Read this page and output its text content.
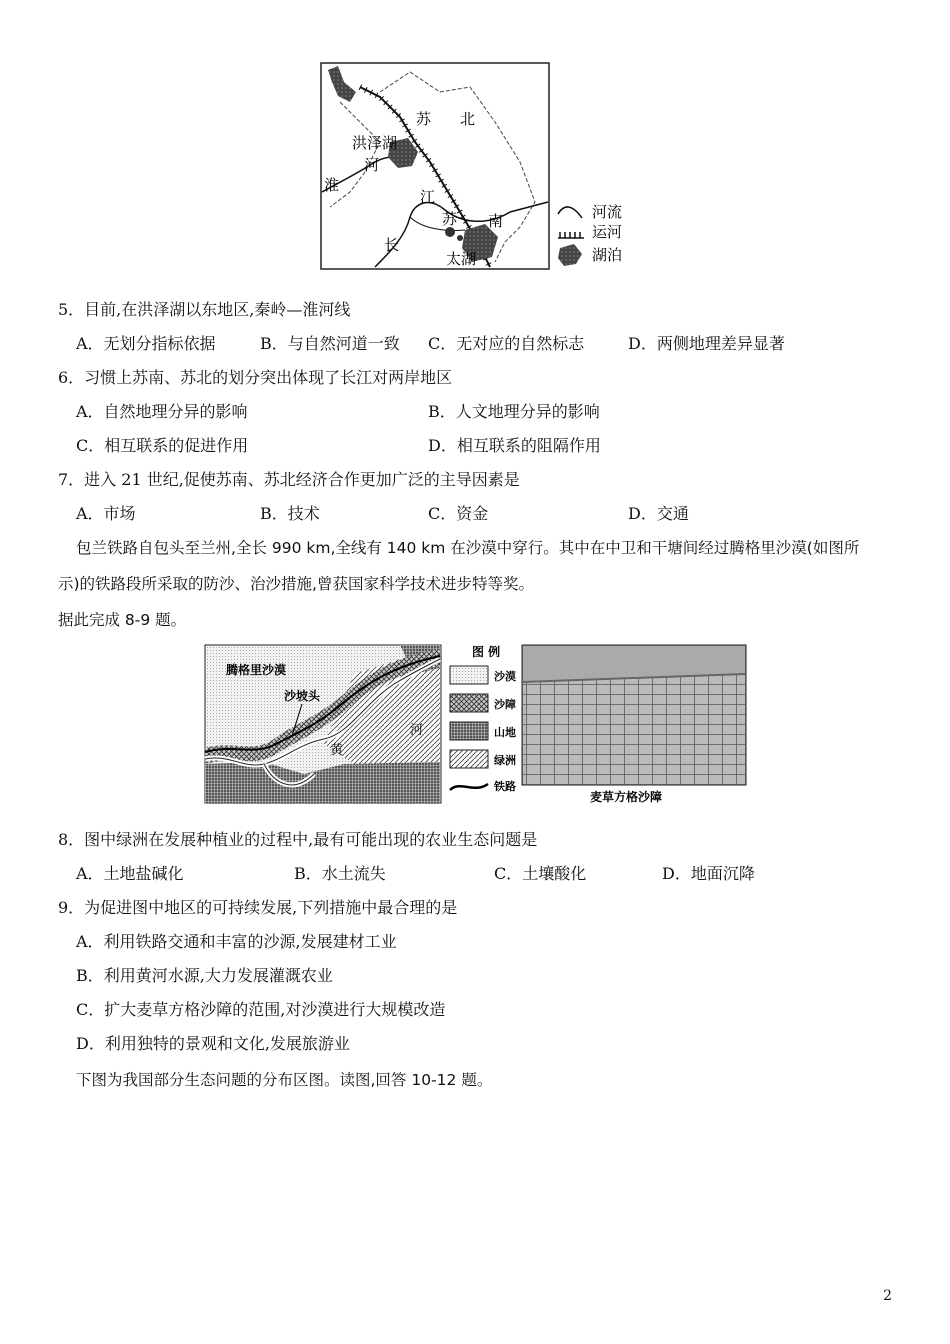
苏 北
洪泽湖
河
淮
江
苏 南
长
太湖
河流
运河
湖泊
5．目前,在洪泽湖以东地区,秦岭—淮河线
A．无划分指标依据	B．与自然河道一致 C．无对应的自然标志	D．两侧地理差异显著
6．习惯上苏南、苏北的划分突出体现了长江对两岸地区
A．自然地理分异的影响	B．人文地理分异的影响
C．相互联系的促进作用	D．相互联系的阻隔作用
7．进入 21 世纪,促使苏南、苏北经济合作更加广泛的主导因素是
A．市场	B．技术	C．资金	D．交通
包兰铁路自包头至兰州,全长 990 km,全线有 140 km 在沙漠中穿行。其中在中卫和干塘间经过腾格里沙漠(如图所
示)的铁路段所采取的防沙、治沙措施,曾获国家科学技术进步特等奖。
据此完成 8-9 题。
腾格里沙漠
沙坡头
黄
河
图 例
沙漠
沙障
山地
绿洲
铁路
麦草方格沙障
8．图中绿洲在发展种植业的过程中,最有可能出现的农业生态问题是
A．土地盐碱化	B．水土流失	C．土壤酸化	D．地面沉降
9．为促进图中地区的可持续发展,下列措施中最合理的是
A．利用铁路交通和丰富的沙源,发展建材工业
B．利用黄河水源,大力发展灌溉农业
C．扩大麦草方格沙障的范围,对沙漠进行大规模改造
D．利用独特的景观和文化,发展旅游业
下图为我国部分生态问题的分布区图。读图,回答 10-12 题。
2
